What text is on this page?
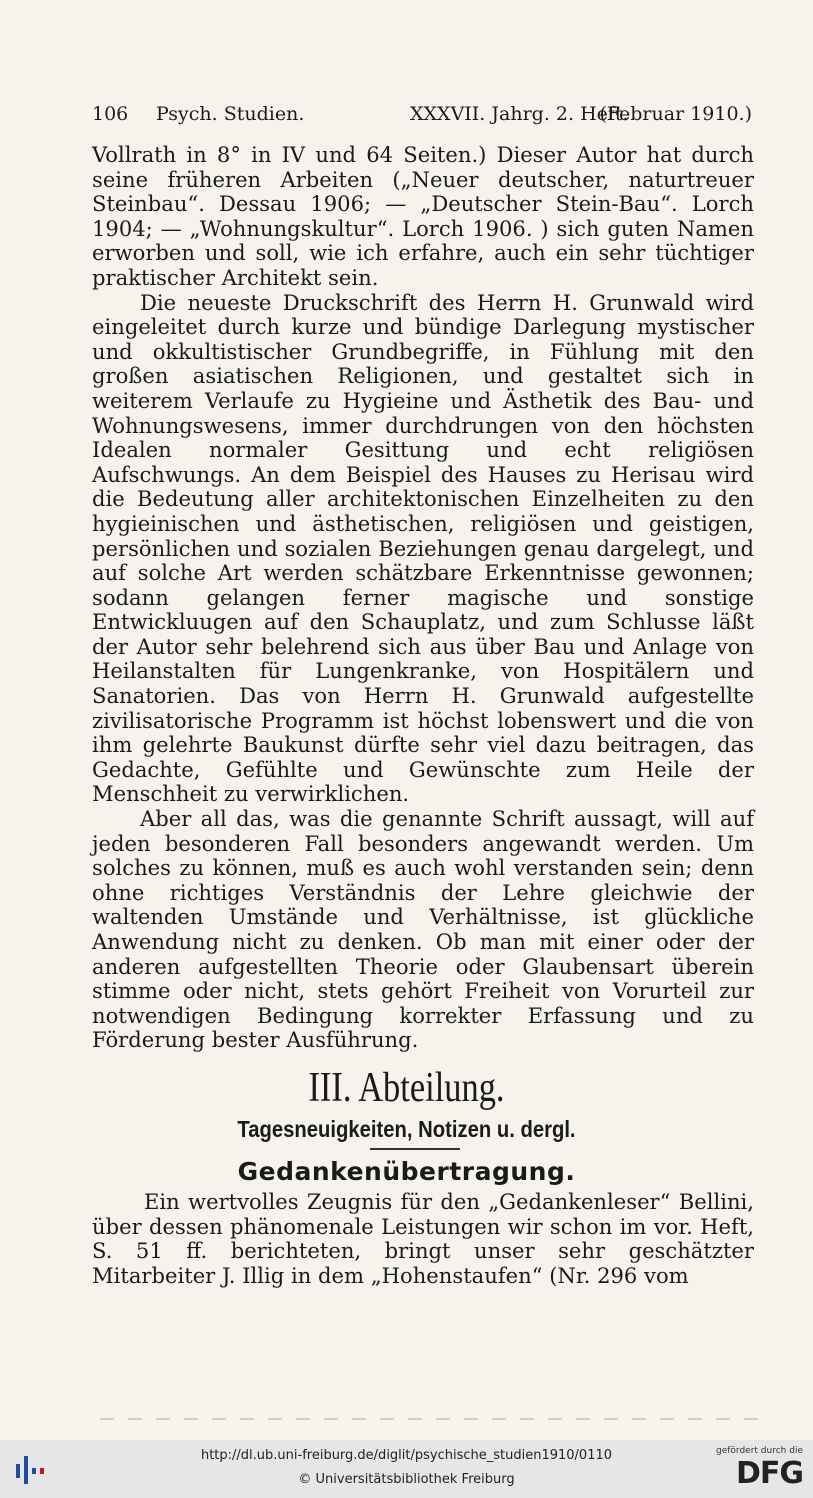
106 Psych. Studien.	XXXVII. Jahrg. 2. Heft.
(Februar 1910.)

Vollrath in 8° in IV und 64 Seiten.) Dieser Autor hat durch seine früheren Arbeiten („Neuer deutscher, naturtreuer Steinbau“. Dessau 1906; — „Deutscher Stein-Bau“. Lorch 1904; — „Wohnungskultur“. Lorch 1906. ) sich guten Namen erworben und soll, wie ich erfahre, auch ein sehr tüchtiger praktischer Architekt sein.

Die neueste Druckschrift des Herrn H. Grunwald wird eingeleitet durch kurze und bündige Darlegung mystischer und okkultistischer Grundbegriffe, in Fühlung mit den großen asiatischen Religionen, und gestaltet sich in weiterem Verlaufe zu Hygieine und Ästhetik des Bau- und Wohnungswesens, immer durchdrungen von den höchsten Idealen normaler Gesittung und echt religiösen Aufschwungs. An dem Beispiel des Hauses zu Herisau wird die Bedeutung aller architektonischen Einzelheiten zu den hygieinischen und ästhetischen, religiösen und geistigen, persönlichen und sozialen Beziehungen genau dargelegt, und auf solche Art werden schätzbare Erkenntnisse gewonnen; sodann gelangen ferner magische und sonstige Entwickluugen auf den Schauplatz, und zum Schlusse läßt der Autor sehr belehrend sich aus über Bau und Anlage von Heilanstalten für Lungenkranke, von Hospitälern und Sanatorien. Das von Herrn H. Grunwald aufgestellte zivilisatorische Programm ist höchst lobenswert und die von ihm gelehrte Baukunst dürfte sehr viel dazu beitragen, das Gedachte, Gefühlte und Gewünschte zum Heile der Menschheit zu verwirklichen.

Aber all das, was die genannte Schrift aussagt, will auf jeden besonderen Fall besonders angewandt werden. Um solches zu können, muß es auch wohl verstanden sein; denn ohne richtiges Verständnis der Lehre gleichwie der waltenden Umstände und Verhältnisse, ist glückliche Anwendung nicht zu denken. Ob man mit einer oder der anderen aufgestellten Theorie oder Glaubensart überein stimme oder nicht, stets gehört Freiheit von Vorurteil zur notwendigen Bedingung korrekter Erfassung und zu Förderung bester Ausführung.

III. Abteilung.
Tagesneuigkeiten, Notizen u. dergl.
Gedankenübertragung.

Ein wertvolles Zeugnis für den „Gedankenleser“ Bellini, über dessen phänomenale Leistungen wir schon im vor. Heft, S. 51 ff. berichteten, bringt unser sehr geschätzter Mitarbeiter J. Illig in dem „Hohenstaufen“ (Nr. 296 vom

http://dl.ub.uni-freiburg.de/diglit/psychische_studien1910/0110
© Universitätsbibliothek Freiburg
gefördert durch die
DFG
